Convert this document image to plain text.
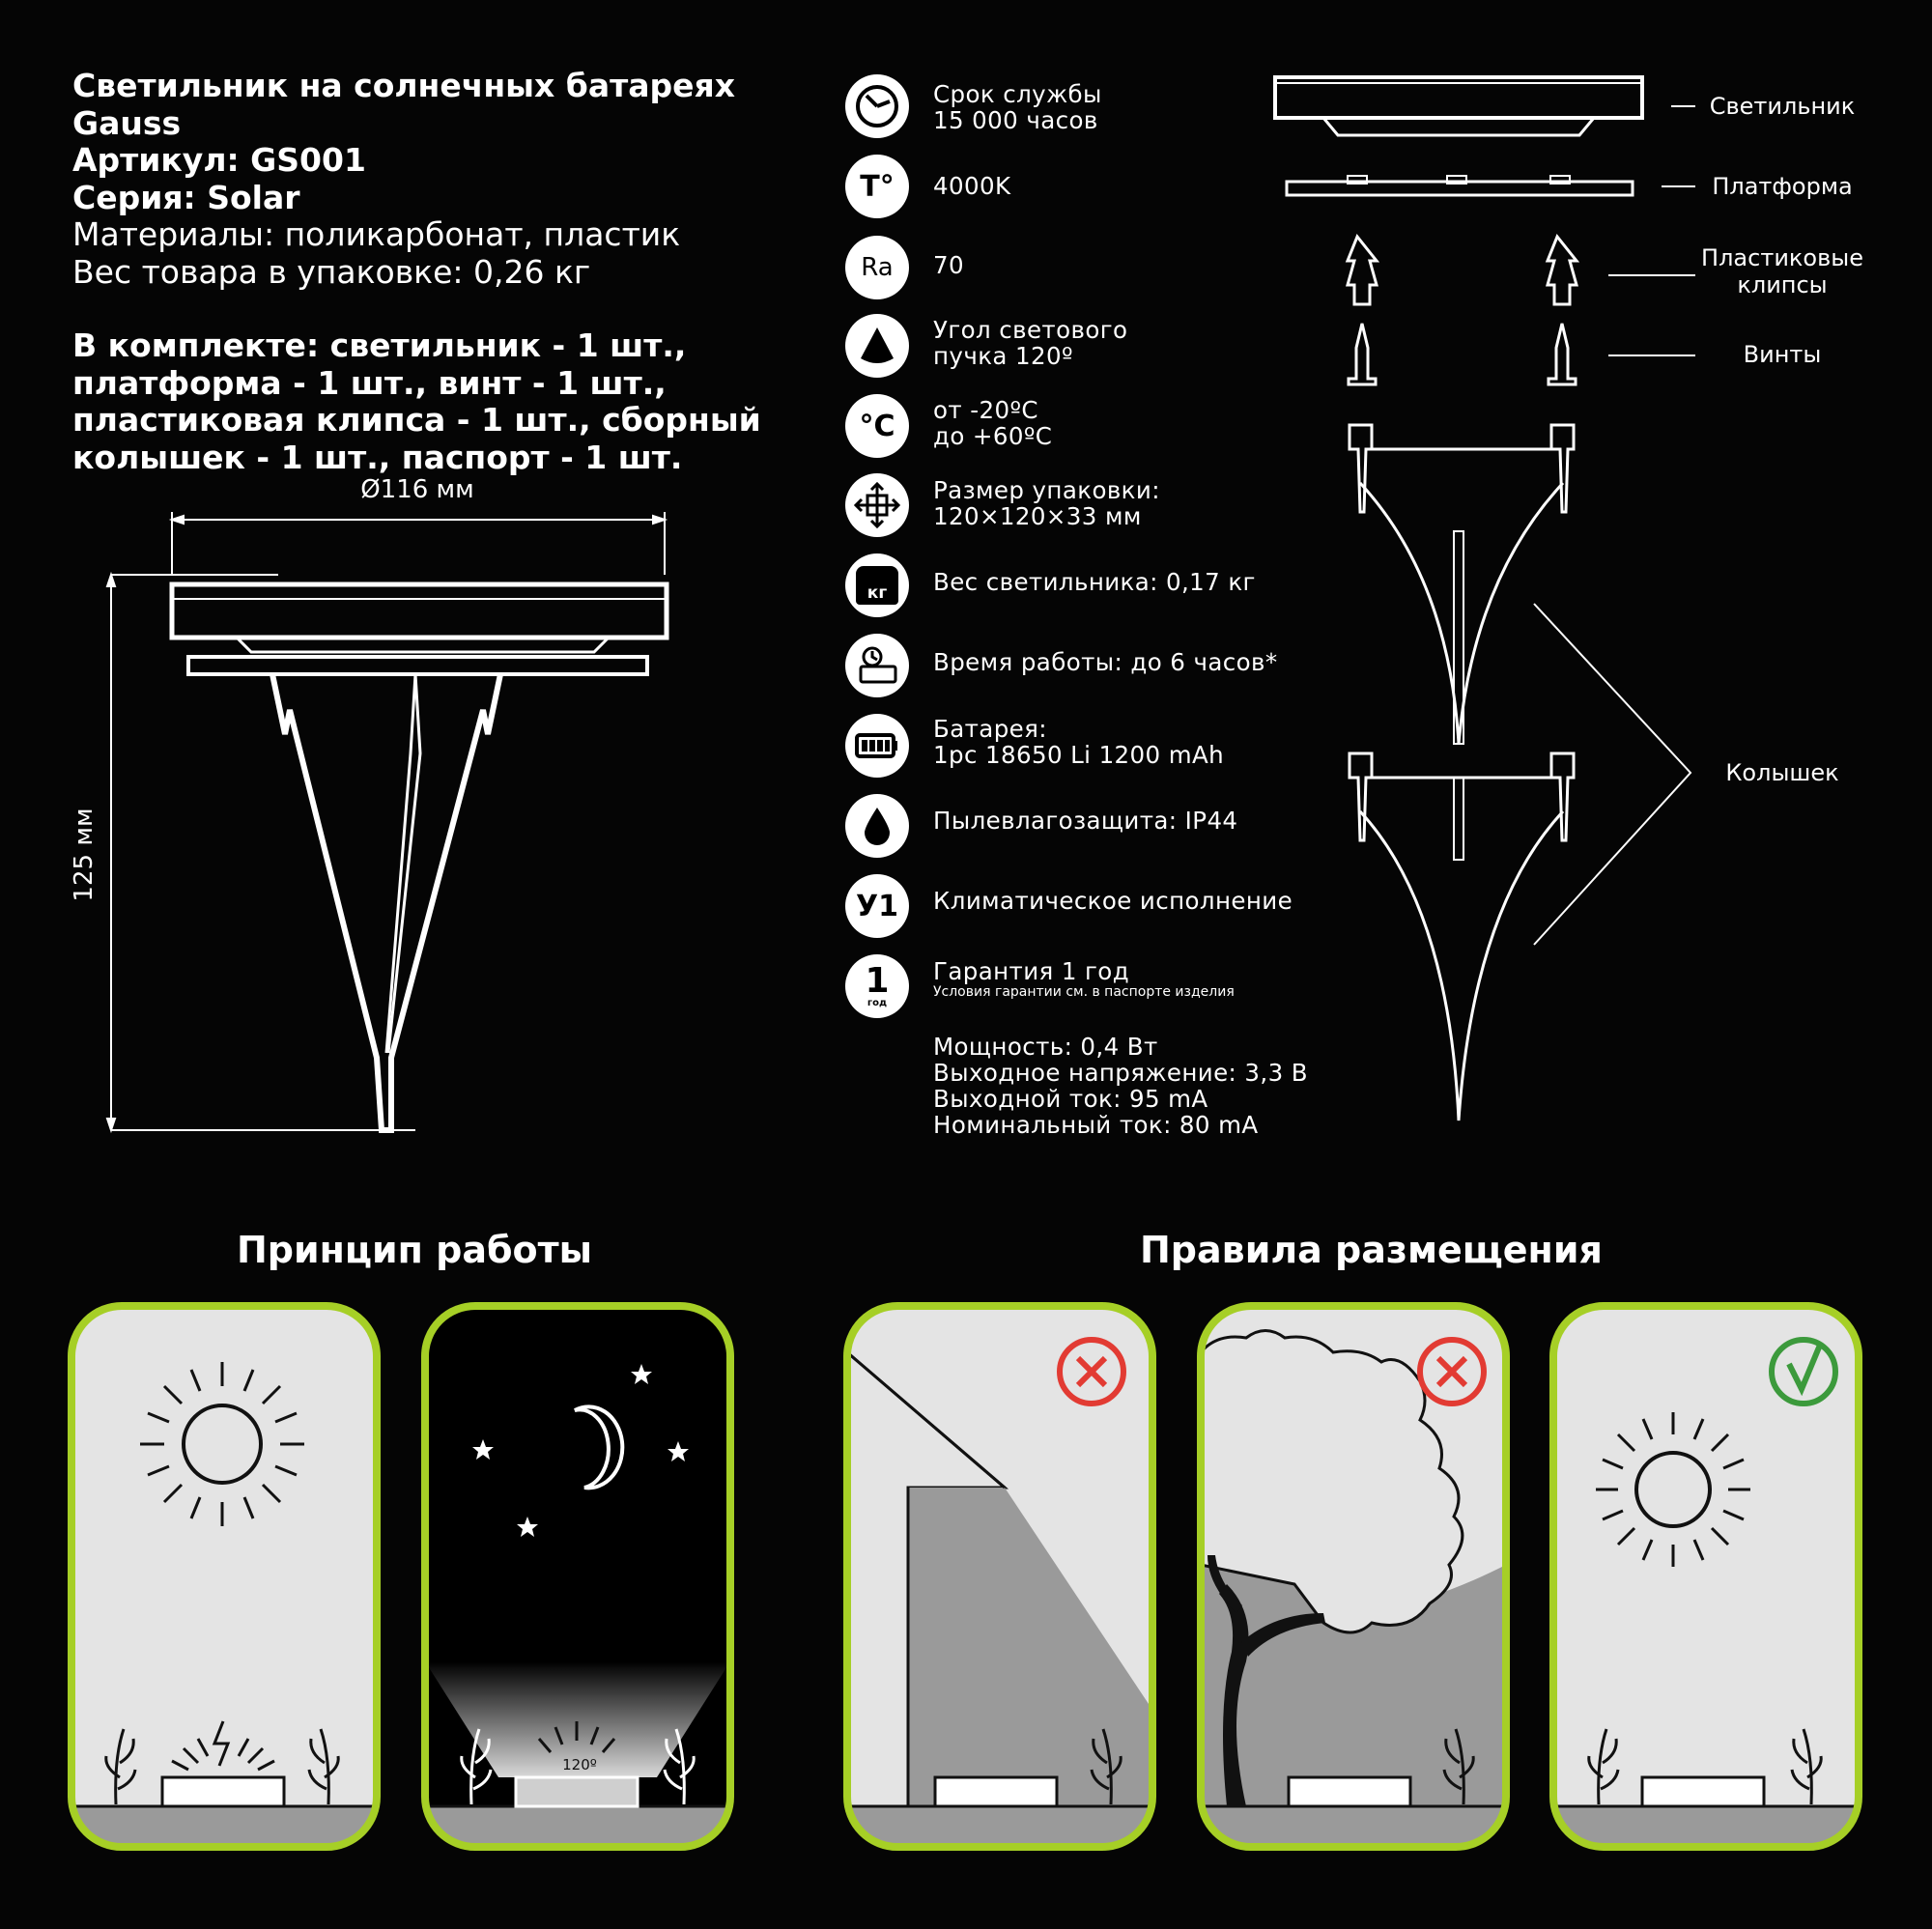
Светильник на солнечных батареях Gauss
Артикул: GS001
Серия: Solar
Материалы: поликарбонат, пластик
Вес товара в упаковке: 0,26 кг
В комплекте: светильник - 1 шт.,
платформа - 1 шт., винт - 1 шт.,
пластиковая клипса - 1 шт., сборный
колышек - 1 шт., паспорт - 1 шт.
Ø116 мм
125 мм
T°
Ra
°C
кг
У1
1
год
Срок службы
15 000 часов
4000K
70
Угол светового
пучка 120º
от -20ºC
до +60ºC
Размер упаковки:
120×120×33 мм
Вес светильника: 0,17 кг
Время работы: до 6 часов*
Батарея:
1pc 18650 Li 1200 mAh
Пылевлагозащита: IP44
Климатическое исполнение
Гарантия 1 год
Условия гарантии см. в паспорте изделия
Мощность: 0,4 Вт
Выходное напряжение: 3,3 В
Выходной ток: 95 mA
Номинальный ток: 80 mA
Светильник
Платформа
Пластиковые
клипсы
Винты
Колышек
Принцип работы	Правила размещения
120º
